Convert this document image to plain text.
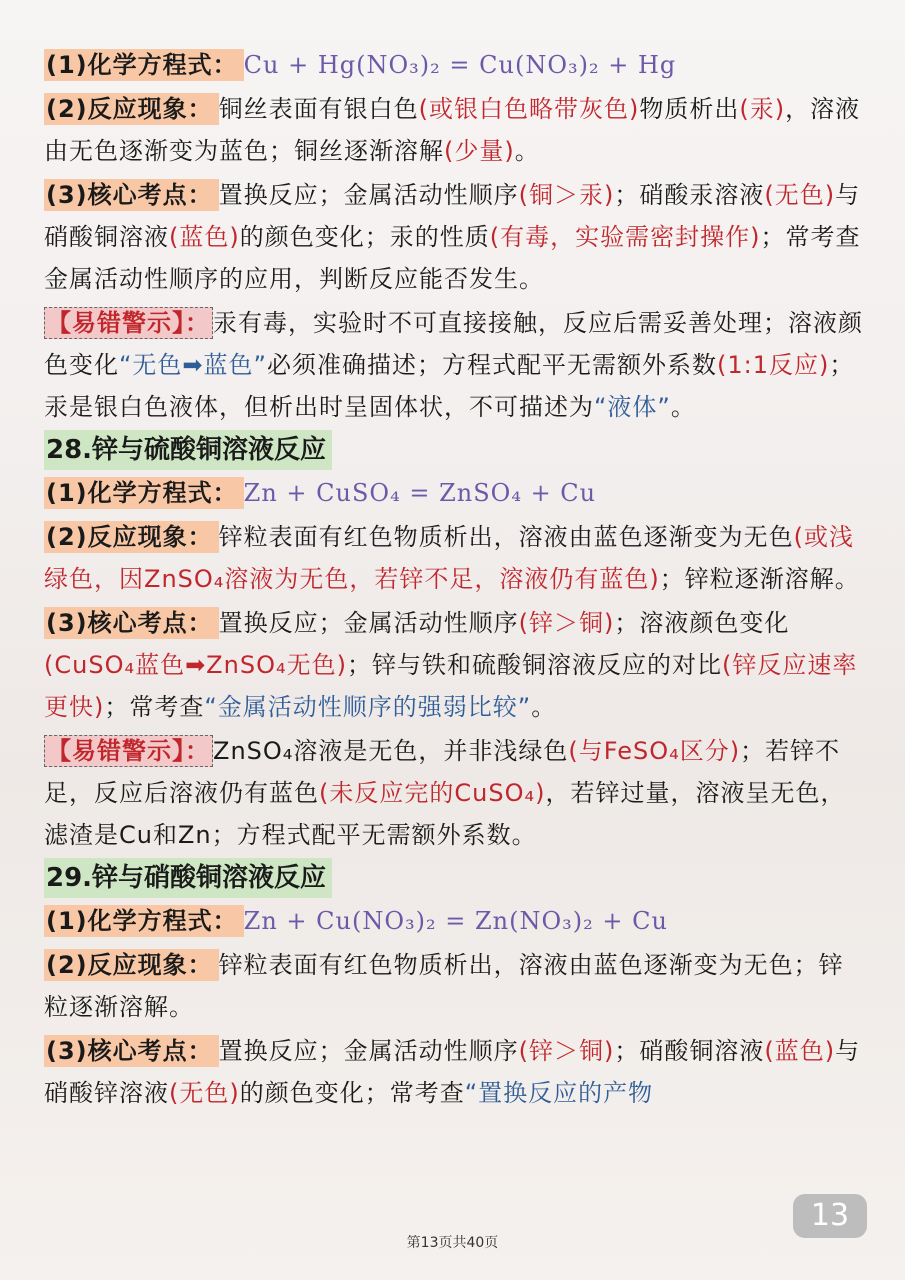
(1)化学方程式： Cu + Hg(NO₃)₂ = Cu(NO₃)₂ + Hg
(2)反应现象： 铜丝表面有银白色(或银白色略带灰色)物质析出(汞)，溶液由无色逐渐变为蓝色；铜丝逐渐溶解(少量)。
(3)核心考点： 置换反应；金属活动性顺序(铜＞汞)；硝酸汞溶液(无色)与硝酸铜溶液(蓝色)的颜色变化；汞的性质(有毒，实验需密封操作)；常考查金属活动性顺序的应用，判断反应能否发生。
【易错警示】： 汞有毒，实验时不可直接接触，反应后需妥善处理；溶液颜色变化“无色➡蓝色”必须准确描述；方程式配平无需额外系数(1:1反应)；汞是银白色液体，但析出时呈固体状，不可描述为“液体”。
28.锌与硫酸铜溶液反应
(1)化学方程式： Zn + CuSO₄ = ZnSO₄ + Cu
(2)反应现象： 锌粒表面有红色物质析出，溶液由蓝色逐渐变为无色(或浅绿色，因ZnSO₄溶液为无色，若锌不足，溶液仍有蓝色)；锌粒逐渐溶解。
(3)核心考点： 置换反应；金属活动性顺序(锌＞铜)；溶液颜色变化(CuSO₄蓝色➡ZnSO₄无色)；锌与铁和硫酸铜溶液反应的对比(锌反应速率更快)；常考查“金属活动性顺序的强弱比较”。
【易错警示】： ZnSO₄溶液是无色，并非浅绿色(与FeSO₄区分)；若锌不足，反应后溶液仍有蓝色(未反应完的CuSO₄)，若锌过量，溶液呈无色，滤渣是Cu和Zn；方程式配平无需额外系数。
29.锌与硝酸铜溶液反应
(1)化学方程式： Zn + Cu(NO₃)₂ = Zn(NO₃)₂ + Cu
(2)反应现象： 锌粒表面有红色物质析出，溶液由蓝色逐渐变为无色；锌粒逐渐溶解。
(3)核心考点： 置换反应；金属活动性顺序(锌＞铜)；硝酸铜溶液(蓝色)与硝酸锌溶液(无色)的颜色变化；常考查“置换反应的产物
13
第13页共40页
